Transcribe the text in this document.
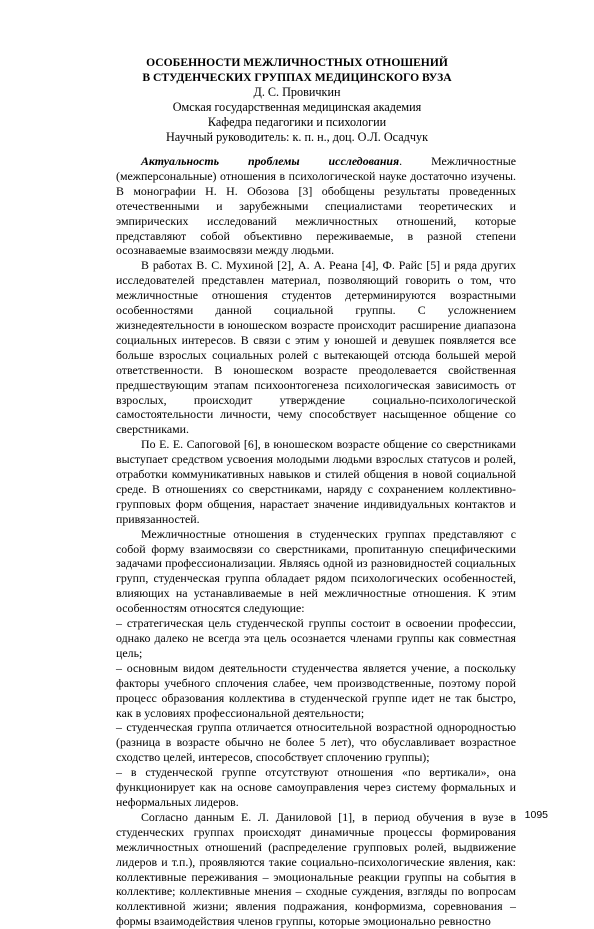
ОСОБЕННОСТИ МЕЖЛИЧНОСТНЫХ ОТНОШЕНИЙ
В СТУДЕНЧЕСКИХ ГРУППАХ МЕДИЦИНСКОГО ВУЗА
Д. С. Провичкин
Омская государственная медицинская академия
Кафедра педагогики и психологии
Научный руководитель: к. п. н., доц. О.Л. Осадчук

Актуальность проблемы исследования. Межличностные (межперсональные) отношения в психологической науке достаточно изучены. В монографии Н. Н. Обозова [3] обобщены результаты проведенных отечественными и зарубежными специалистами теоретических и эмпирических исследований межличностных отношений, которые представляют собой объективно переживаемые, в разной степени осознаваемые взаимосвязи между людьми.

В работах В. С. Мухиной [2], А. А. Реана [4], Ф. Райс [5] и ряда других исследователей представлен материал, позволяющий говорить о том, что межличностные отношения студентов детерминируются возрастными особенностями данной социальной группы. С усложнением жизнедеятельности в юношеском возрасте происходит расширение диапазона социальных интересов. В связи с этим у юношей и девушек появляется все больше взрослых социальных ролей с вытекающей отсюда большей мерой ответственности. В юношеском возрасте преодолевается свойственная предшествующим этапам психоонтогенеза психологическая зависимость от взрослых, происходит утверждение социально-психологической самостоятельности личности, чему способствует насыщенное общение со сверстниками.

По Е. Е. Сапоговой [6], в юношеском возрасте общение со сверстниками выступает средством усвоения молодыми людьми взрослых статусов и ролей, отработки коммуникативных навыков и стилей общения в новой социальной среде. В отношениях со сверстниками, наряду с сохранением коллективно-групповых форм общения, нарастает значение индивидуальных контактов и привязанностей.

Межличностные отношения в студенческих группах представляют с собой форму взаимосвязи со сверстниками, пропитанную специфическими задачами профессионализации. Являясь одной из разновидностей социальных групп, студенческая группа обладает рядом психологических особенностей, влияющих на устанавливаемые в ней межличностные отношения. К этим особенностям относятся следующие:

– стратегическая цель студенческой группы состоит в освоении профессии, однако далеко не всегда эта цель осознается членами группы как совместная цель;

– основным видом деятельности студенчества является учение, а поскольку факторы учебного сплочения слабее, чем производственные, поэтому порой процесс образования коллектива в студенческой группе идет не так быстро, как в условиях профессиональной деятельности;

– студенческая группа отличается относительной возрастной однородностью (разница в возрасте обычно не более 5 лет), что обуславливает возрастное сходство целей, интересов, способствует сплочению группы);

– в студенческой группе отсутствуют отношения «по вертикали», она функционирует как на основе самоуправления через систему формальных и неформальных лидеров.

Согласно данным Е. Л. Даниловой [1], в период обучения в вузе в студенческих группах происходят динамичные процессы формирования межличностных отношений (распределение групповых ролей, выдвижение лидеров и т.п.), проявляются такие социально-психологические явления, как: коллективные переживания – эмоциональные реакции группы на события в коллективе; коллективные мнения – сходные суждения, взгляды по вопросам коллективной жизни; явления подражания, конформизма, соревнования – формы взаимодействия членов группы, которые эмоционально ревностно

1095
